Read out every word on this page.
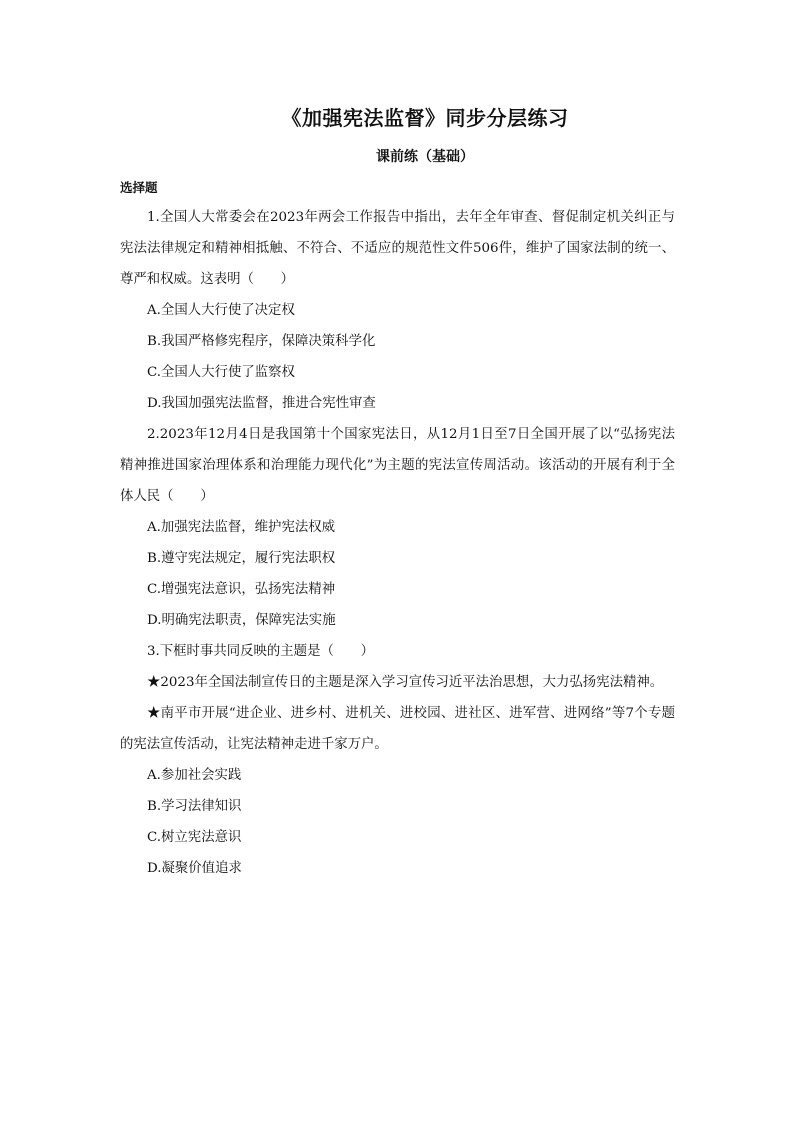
《加强宪法监督》同步分层练习
课前练（基础）
选择题

1.全国人大常委会在2023年两会工作报告中指出，去年全年审查、督促制定机关纠正与宪法法律规定和精神相抵触、不符合、不适应的规范性文件506件，维护了国家法制的统一、尊严和权威。这表明（　　）

A.全国人大行使了决定权

B.我国严格修宪程序，保障决策科学化

C.全国人大行使了监察权

D.我国加强宪法监督，推进合宪性审查

2.2023年12月4日是我国第十个国家宪法日，从12月1日至7日全国开展了以“弘扬宪法精神推进国家治理体系和治理能力现代化”为主题的宪法宣传周活动。该活动的开展有利于全体人民（　　）

A.加强宪法监督，维护宪法权威

B.遵守宪法规定，履行宪法职权

C.增强宪法意识，弘扬宪法精神

D.明确宪法职责，保障宪法实施

3.下框时事共同反映的主题是（　　）

★2023年全国法制宣传日的主题是深入学习宣传习近平法治思想，大力弘扬宪法精神。

★南平市开展“进企业、进乡村、进机关、进校园、进社区、进军营、进网络”等7个专题的宪法宣传活动，让宪法精神走进千家万户。

A.参加社会实践

B.学习法律知识

C.树立宪法意识

D.凝聚价值追求
